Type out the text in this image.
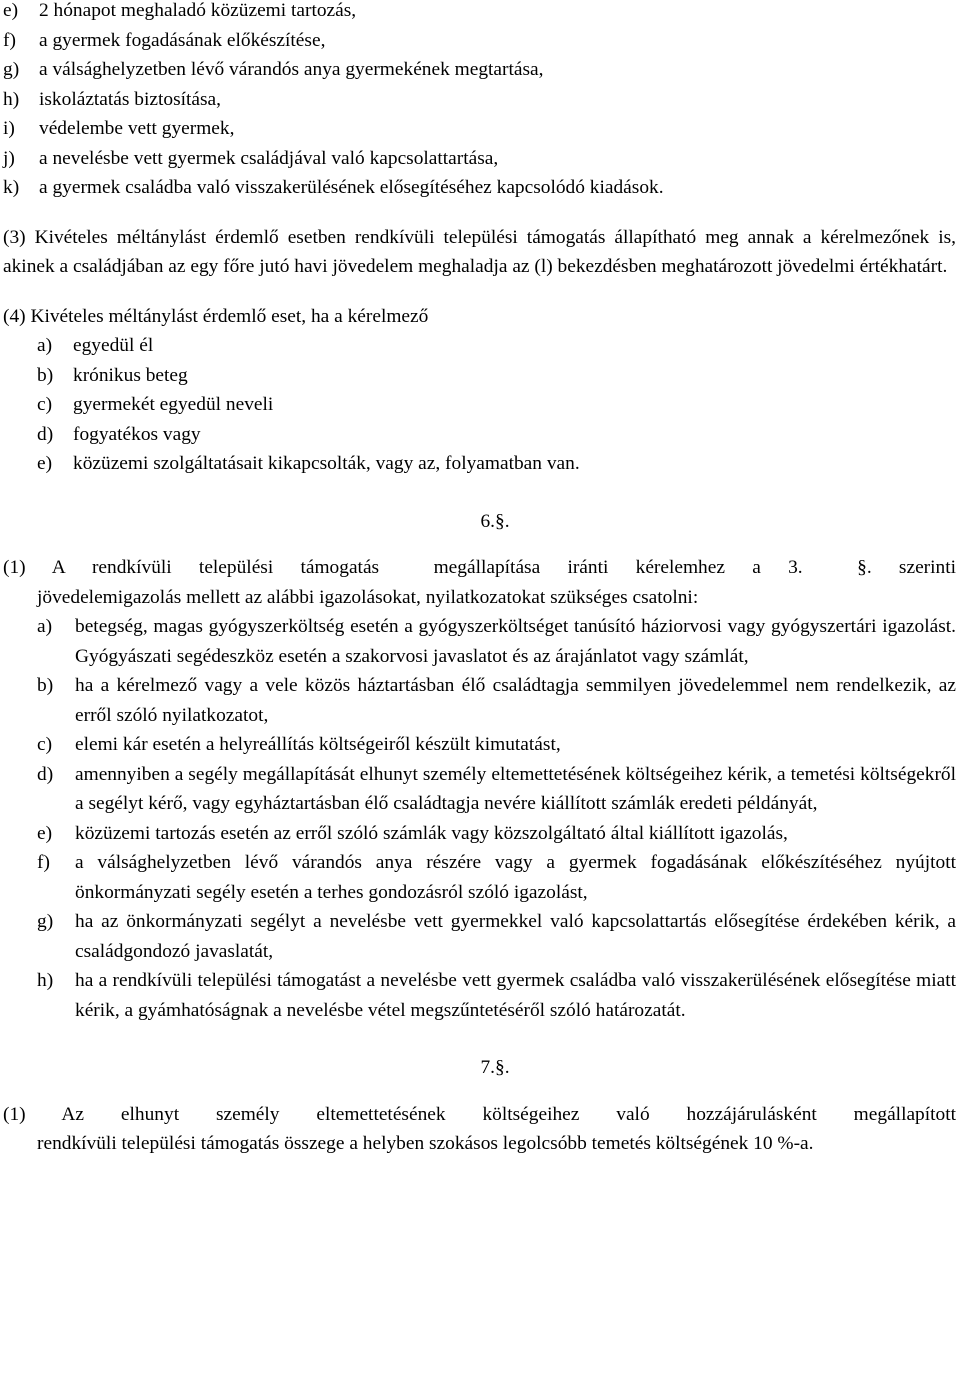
e)	2 hónapot meghaladó közüzemi tartozás,
f)	a gyermek fogadásának előkészítése,
g)	a válsághelyzetben lévő várandós anya gyermekének megtartása,
h)	iskoláztatás biztosítása,
i)	védelembe vett gyermek,
j)	a nevelésbe vett gyermek családjával való kapcsolattartása,
k)	a gyermek családba való visszakerülésének elősegítéséhez kapcsolódó kiadások.
(3) Kivételes méltánylást érdemlő esetben rendkívüli települési támogatás állapítható meg annak a kérelmezőnek is, akinek a családjában az egy főre jutó havi jövedelem meghaladja az (l) bekezdésben meghatározott jövedelmi értékhatárt.
(4) Kivételes méltánylást érdemlő eset, ha a kérelmező
a)	egyedül él
b)	krónikus beteg
c)	gyermekét egyedül neveli
d)	fogyatékos vagy
e)	közüzemi szolgáltatásait kikapcsolták, vagy az, folyamatban van.
6.§.
(1) A rendkívüli települési támogatás  megállapítása iránti kérelemhez a 3.  §. szerinti
jövedelemigazolás mellett az alábbi igazolásokat, nyilatkozatokat szükséges csatolni:
a)	betegség, magas gyógyszerköltség esetén a gyógyszerköltséget tanúsító háziorvosi vagy gyógyszertári igazolást. Gyógyászati segédeszköz esetén a szakorvosi javaslatot és az árajánlatot vagy számlát,
b)	ha a kérelmező vagy a vele közös háztartásban élő családtagja semmilyen jövedelemmel nem rendelkezik, az erről szóló nyilatkozatot,
c)	elemi kár esetén a helyreállítás költségeiről készült kimutatást,
d)	amennyiben a segély megállapítását elhunyt személy eltemettetésének költségeihez kérik, a temetési költségekről a segélyt kérő, vagy egyháztartásban élő családtagja nevére kiállított számlák eredeti példányát,
e)	közüzemi tartozás esetén az erről szóló számlák vagy közszolgáltató által kiállított igazolás,
f)	a válsághelyzetben lévő várandós anya részére vagy a gyermek fogadásának előkészítéséhez nyújtott önkormányzati segély esetén a terhes gondozásról szóló igazolást,
g)	ha az önkormányzati segélyt a nevelésbe vett gyermekkel való kapcsolattartás elősegítése érdekében kérik, a családgondozó javaslatát,
h)	ha a rendkívüli települési támogatást a nevelésbe vett gyermek családba való visszakerülésének elősegítése miatt kérik, a gyámhatóságnak a nevelésbe vétel megszűntetéséről szóló határozatát.
7.§.
(1) Az elhunyt személy eltemettetésének költségeihez való hozzájárulásként megállapított
rendkívüli települési támogatás összege a helyben szokásos legolcsóbb temetés költségének 10 %-a.
